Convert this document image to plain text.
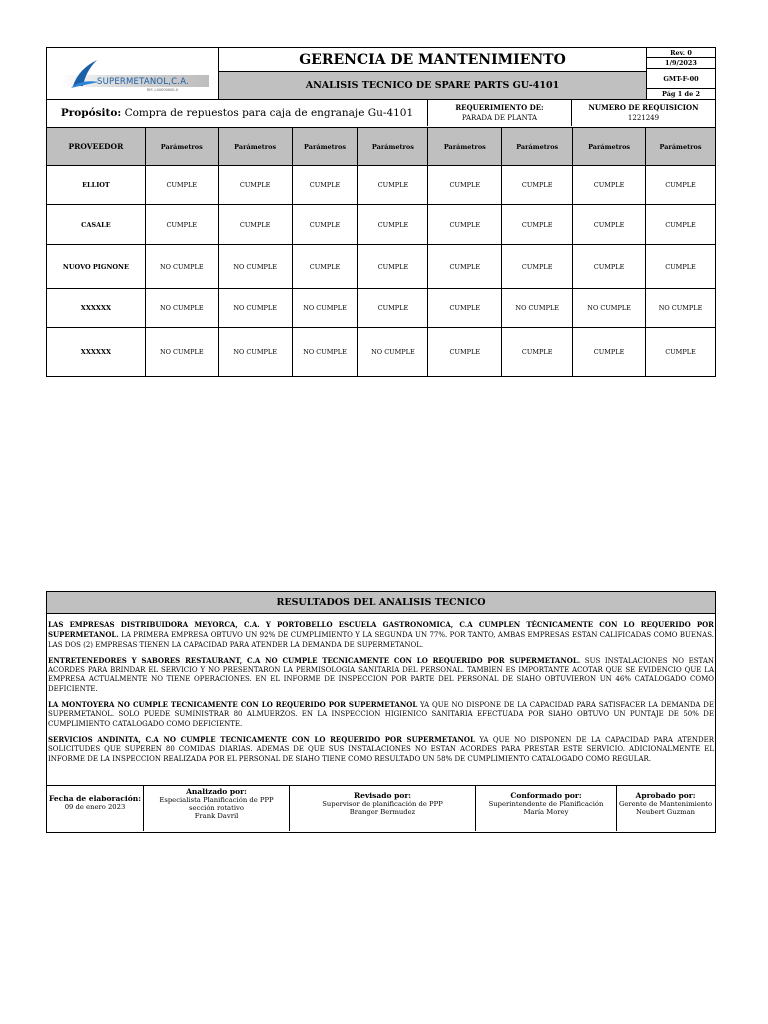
SUPERMETANOL,C.A.
RIF: J-00000000-0
GERENCIA DE MANTENIMIENTO
ANALISIS TECNICO DE SPARE PARTS GU-4101
Rev. 0
1/9/2023
GMT-F-00
Pág 1 de 2
Propósito: Compra de repuestos para caja de engranaje Gu-4101	REQUERIMIENTO DE:
PARADA DE PLANTA
NUMERO DE REQUISICION
1221249
PROVEEDOR	Parámetros	Parámetros	Parámetros	Parámetros	Parámetros	Parámetros	Parámetros	Parámetros
ELLIOT	CUMPLE	CUMPLE	CUMPLE	CUMPLE	CUMPLE	CUMPLE	CUMPLE	CUMPLE
CASALE	CUMPLE	CUMPLE	CUMPLE	CUMPLE	CUMPLE	CUMPLE	CUMPLE	CUMPLE
NUOVO PIGNONE	NO CUMPLE	NO CUMPLE	CUMPLE	CUMPLE	CUMPLE	CUMPLE	CUMPLE	CUMPLE
XXXXXX	NO CUMPLE	NO CUMPLE	NO CUMPLE	CUMPLE	CUMPLE	NO CUMPLE	NO CUMPLE	NO CUMPLE
XXXXXX	NO CUMPLE	NO CUMPLE	NO CUMPLE	NO CUMPLE	CUMPLE	CUMPLE	CUMPLE	CUMPLE
RESULTADOS DEL ANALISIS TECNICO

LAS EMPRESAS DISTRIBUIDORA MEYORCA, C.A. Y PORTOBELLO ESCUELA GASTRONOMICA, C.A CUMPLEN TÉCNICAMENTE CON LO REQUERIDO POR SUPERMETANOL. LA PRIMERA EMPRESA OBTUVO UN 92% DE CUMPLIMIENTO Y LA SEGUNDA UN 77%. POR TANTO, AMBAS EMPRESAS ESTAN CALIFICADAS COMO BUENAS. LAS DOS (2) EMPRESAS TIENEN LA CAPACIDAD PARA ATENDER LA DEMANDA DE SUPERMETANOL.

ENTRETENEDORES Y SABORES RESTAURANT, C.A NO CUMPLE TECNICAMENTE CON LO REQUERIDO POR SUPERMETANOL. SUS INSTALACIONES NO ESTAN ACORDES PARA BRINDAR EL SERVICIO Y NO PRESENTARON LA PERMISOLOGIA SANITARIA DEL PERSONAL. TAMBIEN ES IMPORTANTE ACOTAR QUE SE EVIDENCIO QUE LA EMPRESA ACTUALMENTE NO TIENE OPERACIONES. EN EL INFORME DE INSPECCION POR PARTE DEL PERSONAL DE SIAHO OBTUVIERON UN 46% CATALOGADO COMO DEFICIENTE.

LA MONTOYERA NO CUMPLE TECNICAMENTE CON LO REQUERIDO POR SUPERMETANOL YA QUE NO DISPONE DE LA CAPACIDAD PARA SATISFACER LA DEMANDA DE SUPERMETANOL. SOLO PUEDE SUMINISTRAR 80 ALMUERZOS. EN LA INSPECCION HIGIENICO SANITARIA EFECTUADA POR SIAHO OBTUVO UN PUNTAJE DE 50% DE CUMPLIMIENTO CATALOGADO COMO DEFICIENTE.

SERVICIOS ANDINITA, C.A NO CUMPLE TECNICAMENTE CON LO REQUERIDO POR SUPERMETANOL YA QUE NO DISPONEN DE LA CAPACIDAD PARA ATENDER SOLICITUDES QUE SUPEREN 80 COMIDAS DIARIAS. ADEMAS DE QUE SUS INSTALACIONES NO ESTAN ACORDES PARA PRESTAR ESTE SERVICIO. ADICIONALMENTE EL INFORME DE LA INSPECCION REALIZADA POR EL PERSONAL DE SIAHO TIENE COMO RESULTADO UN 58% DE CUMPLIMIENTO CATALOGADO COMO REGULAR.

Fecha de elaboración:
09 de enero 2023
Analizado por:
Especialista Planificación de PPP
sección rotativo
Frank Davril
Revisado por:
Supervisor de planificación de PPP
Branger Bermudez
Conformado por:
Superintendente de Planificación
María Morey
Aprobado por:
Gerente de Mantenimiento
Neubert Guzman
